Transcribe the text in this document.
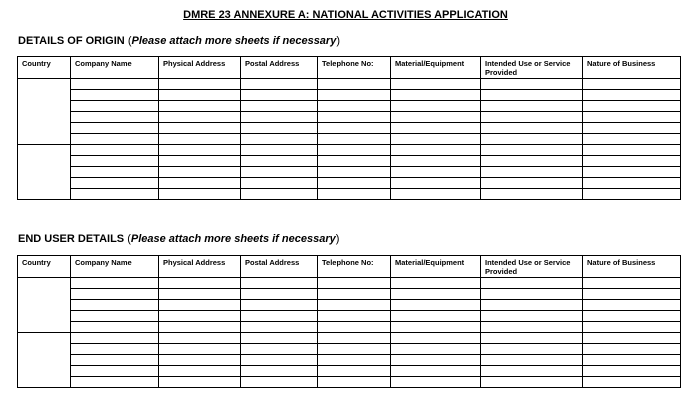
DMRE 23 ANNEXURE A: NATIONAL ACTIVITIES APPLICATION
DETAILS OF ORIGIN (Please attach more sheets if necessary)
Country	Company Name	Physical Address	Postal Address	Telephone No:	Material/Equipment	Intended Use or Service Provided	Nature of Business

END USER DETAILS (Please attach more sheets if necessary)
Country	Company Name	Physical Address	Postal Address	Telephone No:	Material/Equipment	Intended Use or Service Provided	Nature of Business
